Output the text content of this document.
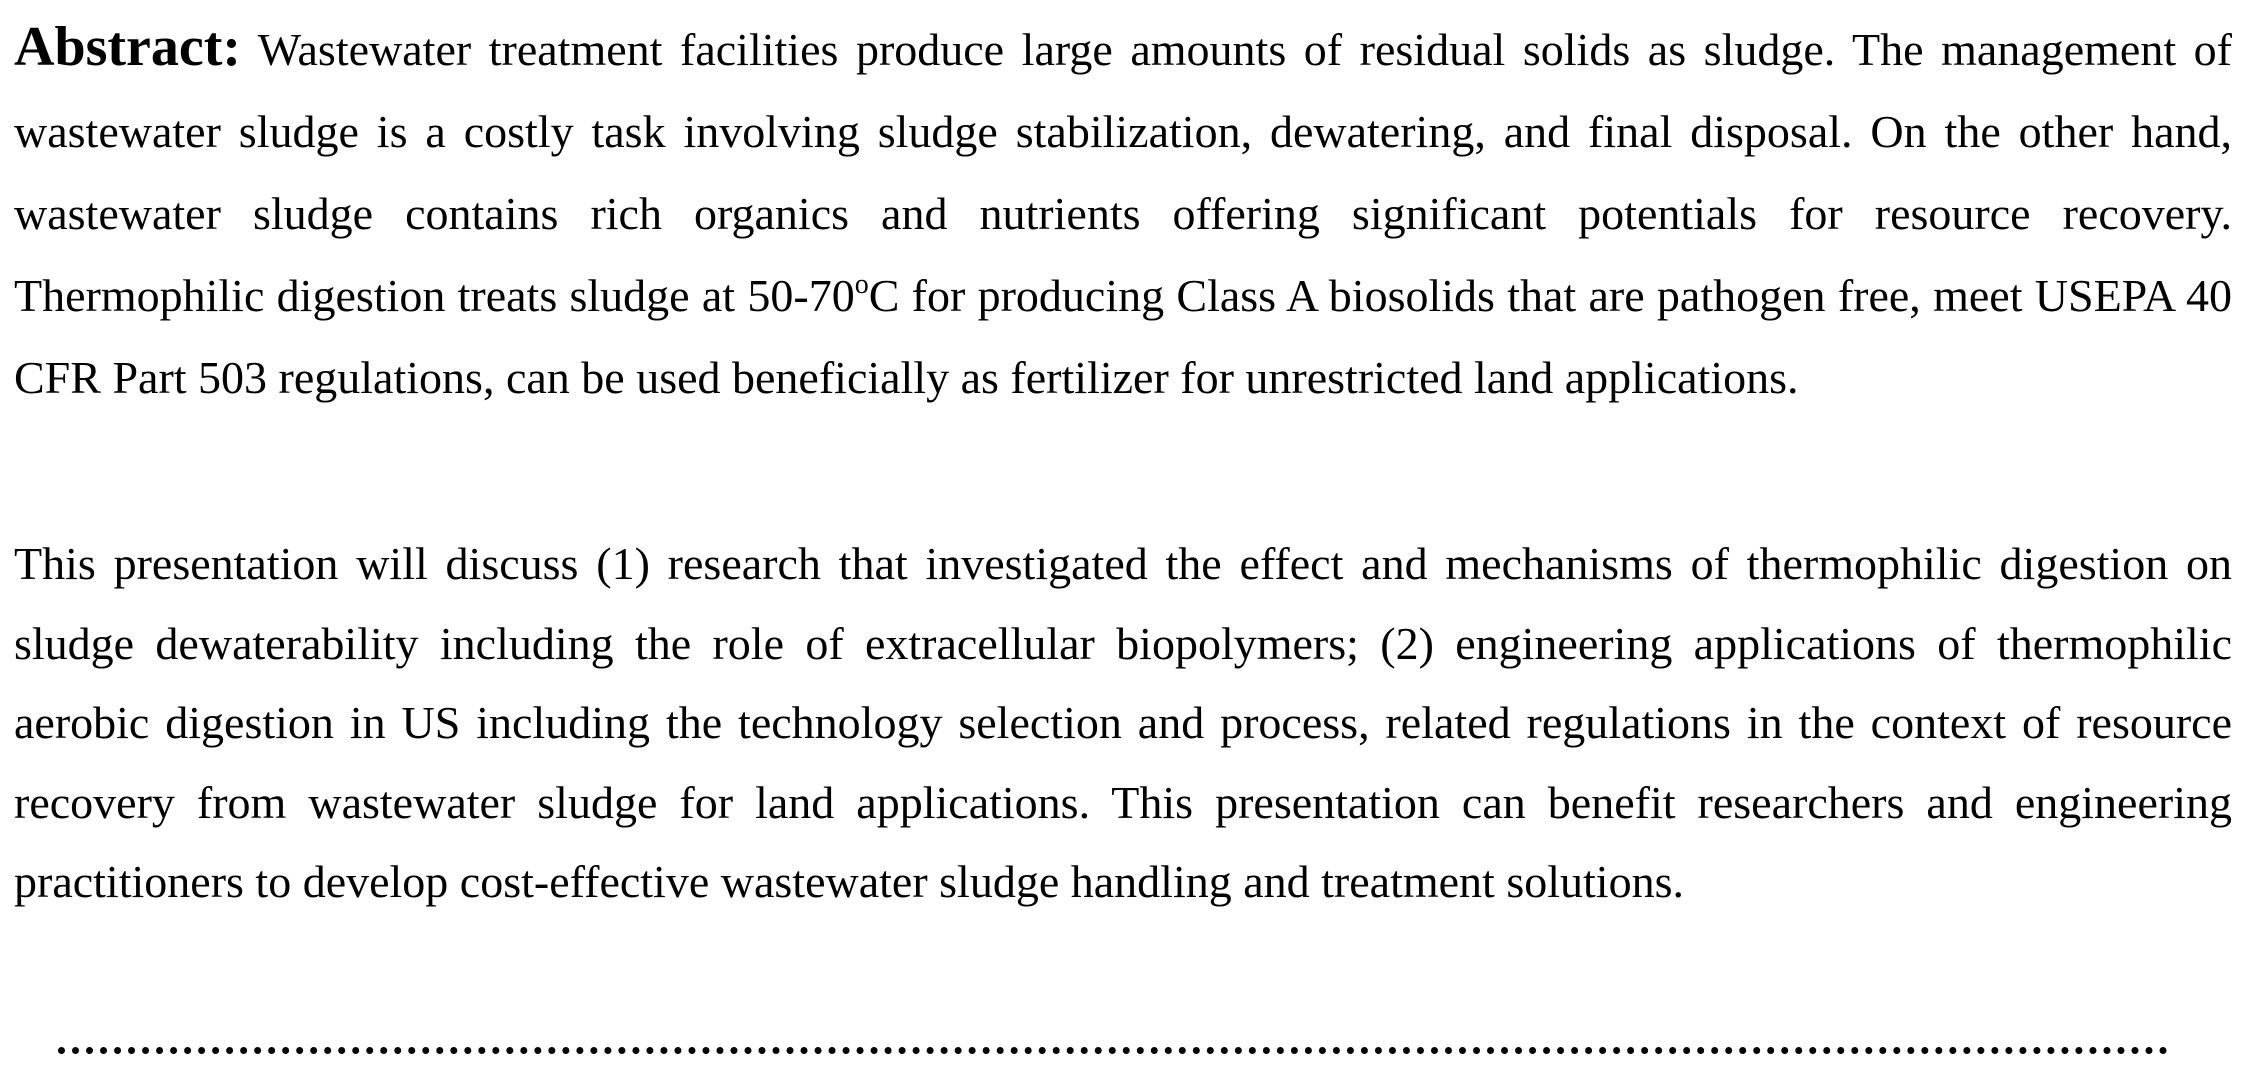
Abstract: Wastewater treatment facilities produce large amounts of residual solids as sludge. The management of wastewater sludge is a costly task involving sludge stabilization, dewatering, and final disposal. On the other hand, wastewater sludge contains rich organics and nutrients offering significant potentials for resource recovery. Thermophilic digestion treats sludge at 50-70$^o$C for producing Class A biosolids that are pathogen free, meet USEPA 40 CFR Part 503 regulations, can be used beneficially as fertilizer for unrestricted land applications.

This presentation will discuss (1) research that investigated the effect and mechanisms of thermophilic digestion on sludge dewaterability including the role of extracellular biopolymers; (2) engineering applications of thermophilic aerobic digestion in US including the technology selection and process, related regulations in the context of resource recovery from wastewater sludge for land applications. This presentation can benefit researchers and engineering practitioners to develop cost-effective wastewater sludge handling and treatment solutions.
